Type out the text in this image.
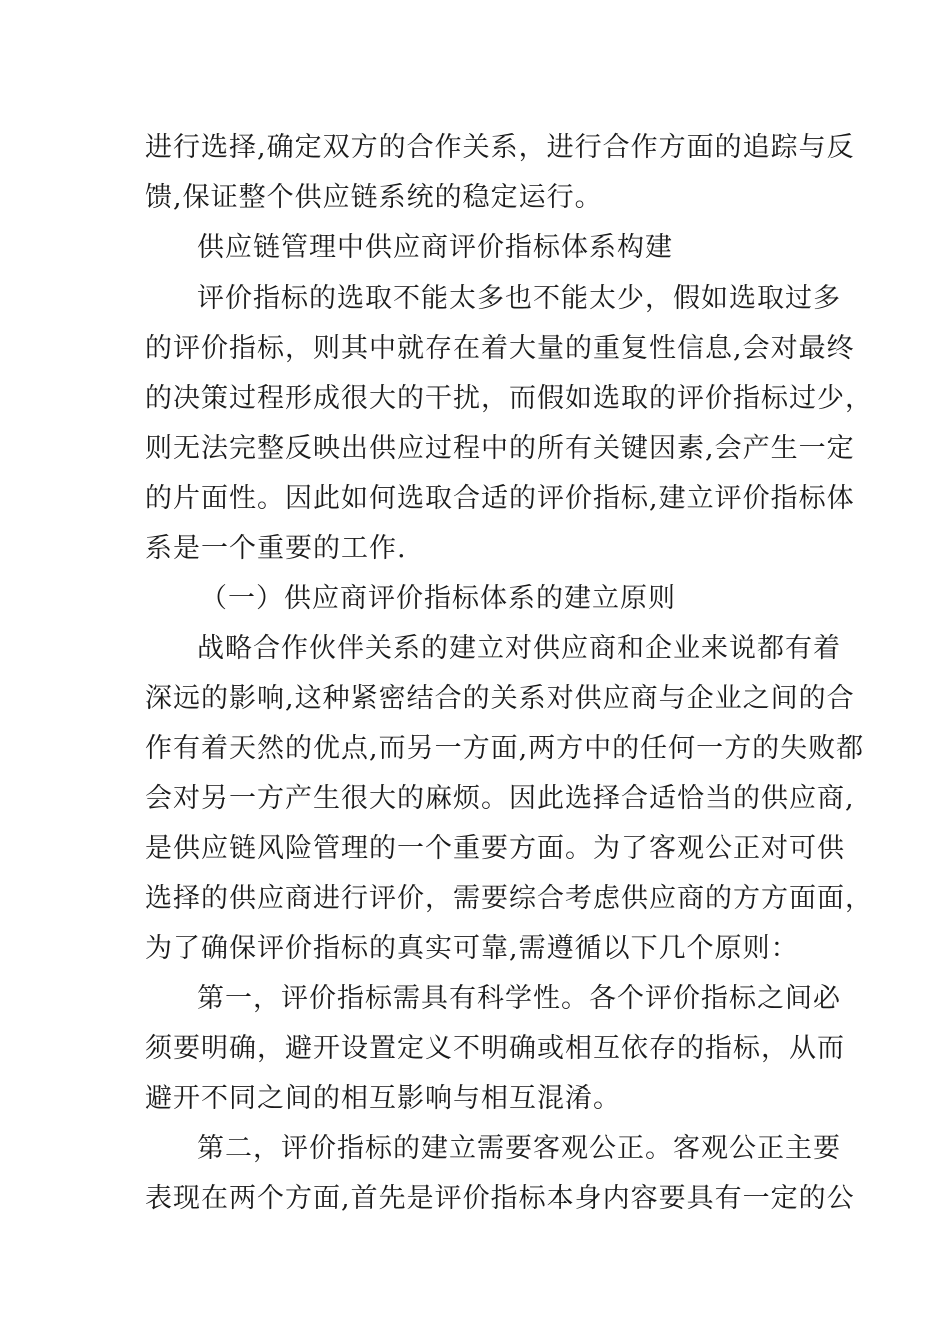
进行选择,确定双方的合作关系，进行合作方面的追踪与反
馈,保证整个供应链系统的稳定运行。
供应链管理中供应商评价指标体系构建
评价指标的选取不能太多也不能太少，假如选取过多
的评价指标，则其中就存在着大量的重复性信息,会对最终
的决策过程形成很大的干扰，而假如选取的评价指标过少，
则无法完整反映出供应过程中的所有关键因素,会产生一定
的片面性。因此如何选取合适的评价指标,建立评价指标体
系是一个重要的工作.
（一）供应商评价指标体系的建立原则
战略合作伙伴关系的建立对供应商和企业来说都有着
深远的影响,这种紧密结合的关系对供应商与企业之间的合
作有着天然的优点,而另一方面,两方中的任何一方的失败都
会对另一方产生很大的麻烦。因此选择合适恰当的供应商,
是供应链风险管理的一个重要方面。为了客观公正对可供
选择的供应商进行评价，需要综合考虑供应商的方方面面，
为了确保评价指标的真实可靠,需遵循以下几个原则：
第一，评价指标需具有科学性。各个评价指标之间必
须要明确，避开设置定义不明确或相互依存的指标，从而
避开不同之间的相互影响与相互混淆。
第二，评价指标的建立需要客观公正。客观公正主要
表现在两个方面,首先是评价指标本身内容要具有一定的公
